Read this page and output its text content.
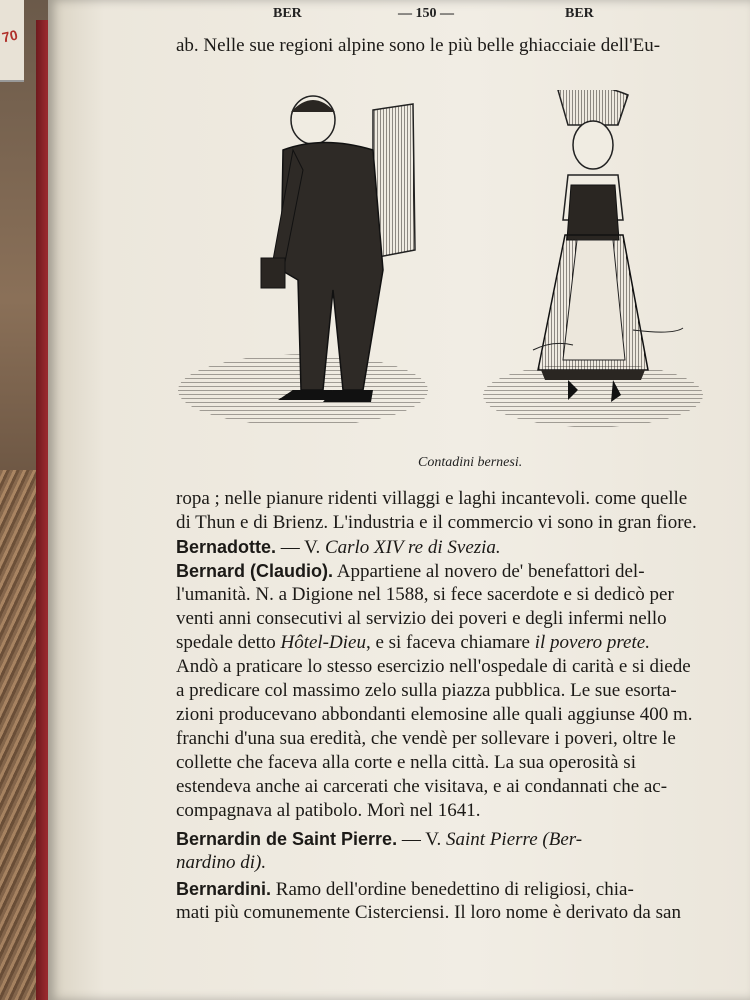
70
BER	— 150 —	BER
ab. Nelle sue regioni alpine sono le più belle ghiacciaie dell'Eu-
Contadini bernesi.
ropa ; nelle pianure ridenti villaggi e laghi incantevoli. come quelle
di Thun e di Brienz. L'industria e il commercio vi sono in gran fiore.
Bernadotte. — V. Carlo XIV re di Svezia.
Bernard (Claudio). Appartiene al novero de' benefattori del-
l'umanità. N. a Digione nel 1588, si fece sacerdote e si dedicò per
venti anni consecutivi al servizio dei poveri e degli infermi nello
spedale detto Hôtel-Dieu, e si faceva chiamare il povero prete.
Andò a praticare lo stesso esercizio nell'ospedale di carità e si diede
a predicare col massimo zelo sulla piazza pubblica. Le sue esorta-
zioni producevano abbondanti elemosine alle quali aggiunse 400 m.
franchi d'una sua eredità, che vendè per sollevare i poveri, oltre le
collette che faceva alla corte e nella città. La sua operosità si
estendeva anche ai carcerati che visitava, e ai condannati che ac-
compagnava al patibolo. Morì nel 1641.
Bernardin de Saint Pierre. — V. Saint Pierre (Ber-
nardino di).
Bernardini. Ramo dell'ordine benedettino di religiosi, chia-
mati più comunemente Cisterciensi. Il loro nome è derivato da san
